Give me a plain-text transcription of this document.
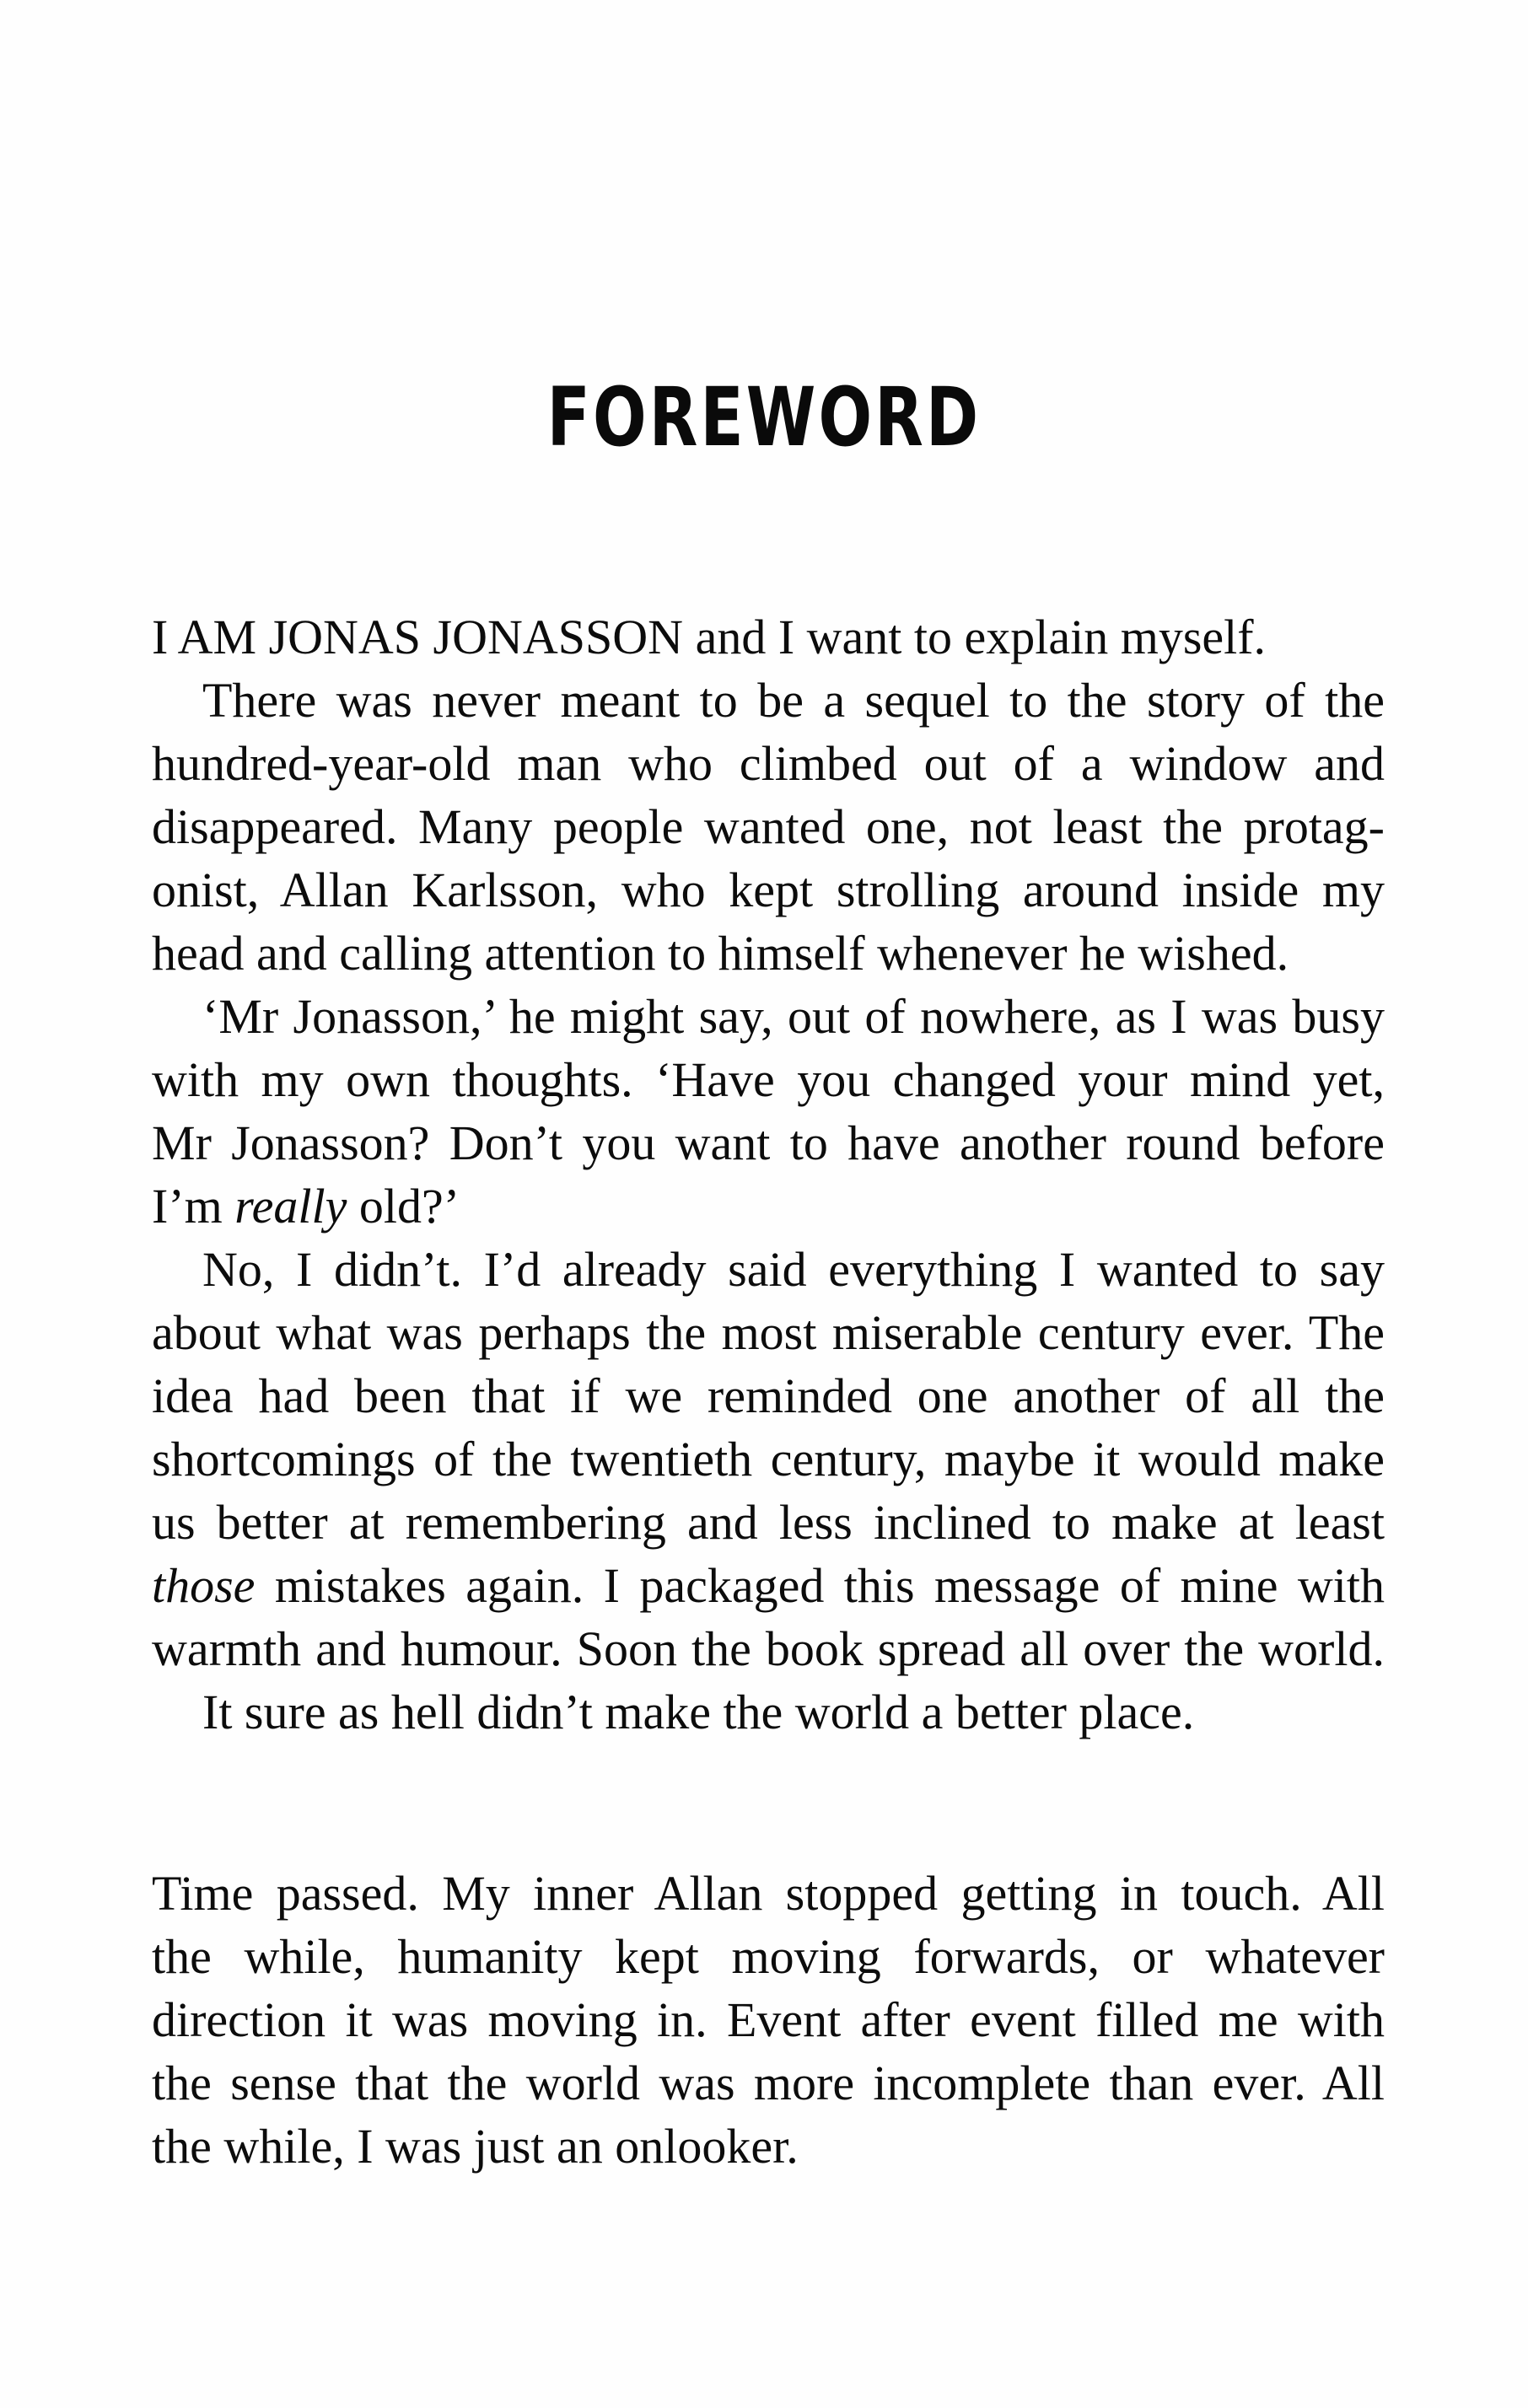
FOREWORD
I AM JONAS JONASSON and I want to explain myself.
There was never meant to be a sequel to the story of the
hundred-year-old man who climbed out of a window and
disappeared. Many people wanted one, not least the protag-
onist, Allan Karlsson, who kept strolling around inside my
head and calling attention to himself whenever he wished.
‘Mr Jonasson,’ he might say, out of nowhere, as I was busy
with my own thoughts. ‘Have you changed your mind yet,
Mr Jonasson? Don’t you want to have another round before
I’m really old?’
No, I didn’t. I’d already said everything I wanted to say
about what was perhaps the most miserable century ever. The
idea had been that if we reminded one another of all the
shortcomings of the twentieth century, maybe it would make
us better at remembering and less inclined to make at least
those mistakes again. I packaged this message of mine with
warmth and humour. Soon the book spread all over the world.
It sure as hell didn’t make the world a better place.
Time passed. My inner Allan stopped getting in touch. All
the while, humanity kept moving forwards, or whatever
direction it was moving in. Event after event filled me with
the sense that the world was more incomplete than ever. All
the while, I was just an onlooker.
